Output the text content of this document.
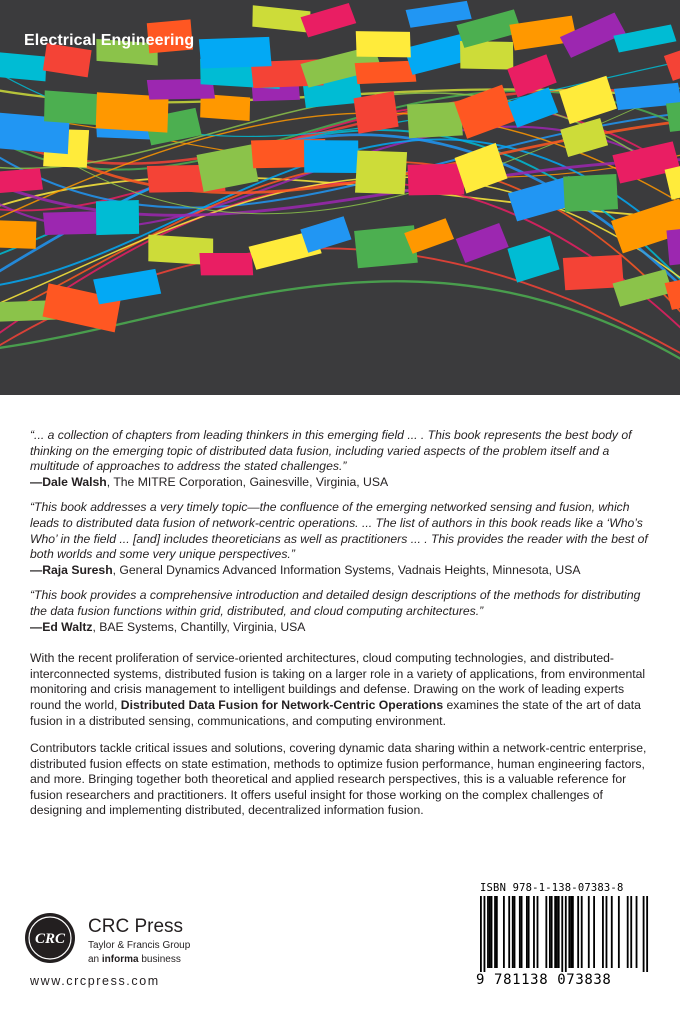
Electrical Engineering

“... a collection of chapters from leading thinkers in this emerging field ... . This book represents the best body of thinking on the emerging topic of distributed data fusion, including varied aspects of the problem itself and a multitude of approaches to address the stated challenges.”

—Dale Walsh, The MITRE Corporation, Gainesville, Virginia, USA

“This book addresses a very timely topic—the confluence of the emerging networked sensing and fusion, which leads to distributed data fusion of network-centric operations. ... The list of authors in this book reads like a ‘Who’s Who’ in the field ... [and] includes theoreticians as well as practitioners ... . This provides the reader with the best of both worlds and some very unique perspectives.”

—Raja Suresh, General Dynamics Advanced Information Systems, Vadnais Heights, Minnesota, USA

“This book provides a comprehensive introduction and detailed design descriptions of the methods for distributing the data fusion functions within grid, distributed, and cloud computing architectures.”

—Ed Waltz, BAE Systems, Chantilly, Virginia, USA

With the recent proliferation of service-oriented architectures, cloud computing technologies, and distributed-interconnected systems, distributed fusion is taking on a larger role in a variety of applications, from environmental monitoring and crisis management to intelligent buildings and defense. Drawing on the work of leading experts round the world, Distributed Data Fusion for Network-Centric Operations examines the state of the art of data fusion in a distributed sensing, communications, and computing environment.

Contributors tackle critical issues and solutions, covering dynamic data sharing within a network-centric enterprise, distributed fusion effects on state estimation, methods to optimize fusion performance, human engineering factors, and more. Bringing together both theoretical and applied research perspectives, this is a valuable reference for fusion researchers and practitioners. It offers useful insight for those working on the complex challenges of designing and implementing distributed, decentralized information fusion.

CRC
CRC Press
Taylor & Francis Group
an informa business
www.crcpress.com
ISBN 978-1-138-07383-8
9 781138 073838
